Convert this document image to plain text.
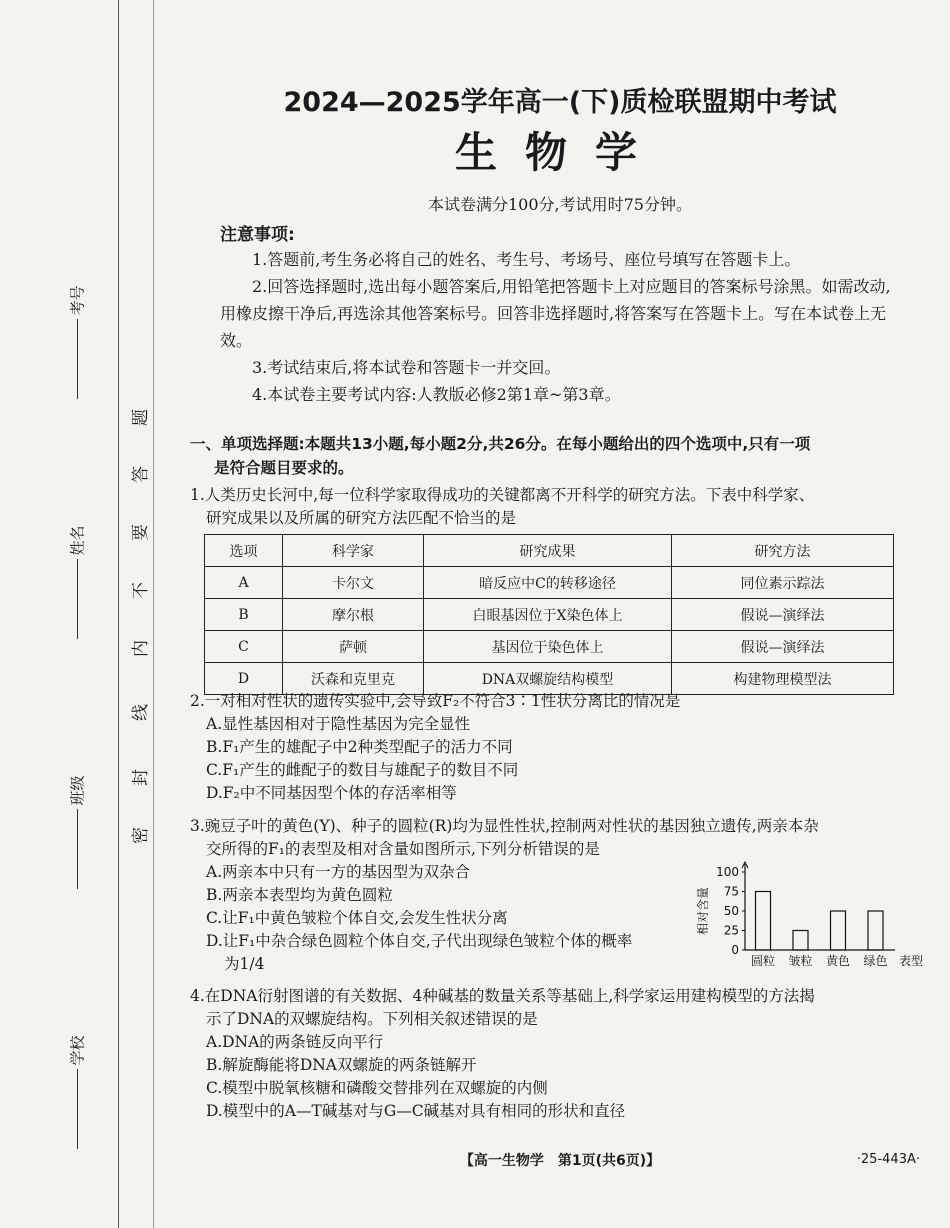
考号
姓名
班级
学校
题
答
要
不
内
线
封
密
2024—2025学年高一(下)质检联盟期中考试
生物学
本试卷满分100分,考试用时75分钟。
注意事项:

1.答题前,考生务必将自己的姓名、考生号、考场号、座位号填写在答题卡上。

2.回答选择题时,选出每小题答案后,用铅笔把答题卡上对应题目的答案标号涂黑。如需改动,用橡皮擦干净后,再选涂其他答案标号。回答非选择题时,将答案写在答题卡上。写在本试卷上无效。

3.考试结束后,将本试卷和答题卡一并交回。

4.本试卷主要考试内容:人教版必修2第1章~第3章。

一、单项选择题:本题共13小题,每小题2分,共26分。在每小题给出的四个选项中,只有一项
是符合题目要求的。
1.人类历史长河中,每一位科学家取得成功的关键都离不开科学的研究方法。下表中科学家、
研究成果以及所属的研究方法匹配不恰当的是
选项	科学家	研究成果	研究方法
A	卡尔文	暗反应中C的转移途径	同位素示踪法
B	摩尔根	白眼基因位于X染色体上	假说—演绎法
C	萨顿	基因位于染色体上	假说—演绎法
D	沃森和克里克	DNA双螺旋结构模型	构建物理模型法
2.一对相对性状的遗传实验中,会导致F₂不符合3∶1性状分离比的情况是
A.显性基因相对于隐性基因为完全显性
B.F₁产生的雄配子中2种类型配子的活力不同
C.F₁产生的雌配子的数目与雄配子的数目不同
D.F₂中不同基因型个体的存活率相等
3.豌豆子叶的黄色(Y)、种子的圆粒(R)均为显性性状,控制两对性状的基因独立遗传,两亲本杂
交所得的F₁的表型及相对含量如图所示,下列分析错误的是
A.两亲本中只有一方的基因型为双杂合
B.两亲本表型均为黄色圆粒
C.让F₁中黄色皱粒个体自交,会发生性状分离
D.让F₁中杂合绿色圆粒个体自交,子代出现绿色皱粒个体的概率
为1/4
相对含量
表型
0
25
50
75
100
圆粒 皱粒 黄色 绿色
4.在DNA衍射图谱的有关数据、4种碱基的数量关系等基础上,科学家运用建构模型的方法揭
示了DNA的双螺旋结构。下列相关叙述错误的是
A.DNA的两条链反向平行
B.解旋酶能将DNA双螺旋的两条链解开
C.模型中脱氧核糖和磷酸交替排列在双螺旋的内侧
D.模型中的A—T碱基对与G—C碱基对具有相同的形状和直径
【高一生物学　第1页(共6页)】	·25-443A·
